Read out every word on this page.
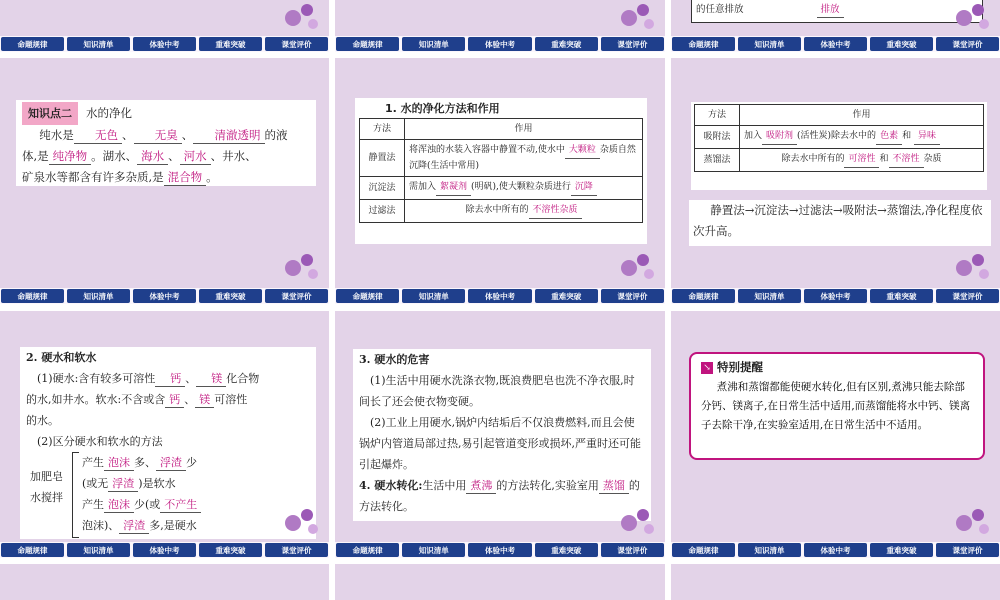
命题规律	知识清单	体验中考	重难突破	课堂评价	命题规律	知识清单	体验中考	重难突破	课堂评价
的任意排放	排放
命题规律	知识清单	体验中考	重难突破	课堂评价

知识点二 水的净化

纯水是 无色 、 无臭 、 清澈透明 的液

体,是 纯净物 。湖水、 海水 、 河水 、井水、

矿泉水等都含有许多杂质,是 混合物 。

命题规律	知识清单	体验中考	重难突破	课堂评价
1. 水的净化方法和作用
方法	作用
静置法	将浑浊的水装入容器中静置不动,使水中 大颗粒 杂质自然沉降(生活中常用)
沉淀法	需加入 絮凝剂 (明矾),使大颗粒杂质进行 沉降
过滤法	除去水中所有的 不溶性杂质
命题规律	知识清单	体验中考	重难突破	课堂评价
方法	作用
吸附法	加入 吸附剂 (活性炭)除去水中的 色素 和 异味
蒸馏法	除去水中所有的 可溶性 和 不溶性 杂质
静置法→沉淀法→过滤法→吸附法→蒸馏法,净化程度依次升高。
命题规律	知识清单	体验中考	重难突破	课堂评价

2. 硬水和软水

(1)硬水:含有较多可溶性 钙 、 镁 化合物

的水,如井水。软水:不含或含 钙 、 镁 可溶性

的水。

(2)区分硬水和软水的方法

加肥皂水搅拌

产生 泡沫 多、 浮渣 少

(或无 浮渣 )是软水

产生 泡沫 少(或 不产生

泡沫)、 浮渣 多,是硬水

命题规律	知识清单	体验中考	重难突破	课堂评价

3. 硬水的危害

(1)生活中用硬水洗涤衣物,既浪费肥皂也洗不净衣服,时间长了还会使衣物变硬。

(2)工业上用硬水,锅炉内结垢后不仅浪费燃料,而且会使锅炉内管道局部过热,易引起管道变形或损坏,严重时还可能引起爆炸。

4. 硬水转化:生活中用 煮沸 的方法转化,实验室用 蒸馏 的方法转化。

命题规律	知识清单	体验中考	重难突破	课堂评价	命题规律	知识清单	体验中考	重难突破	课堂评价
↘ 特别提醒
煮沸和蒸馏都能使硬水转化,但有区别,煮沸只能去除部分钙、镁离子,在日常生活中适用,而蒸馏能将水中钙、镁离子去除干净,在实验室适用,在日常生活中不适用。
